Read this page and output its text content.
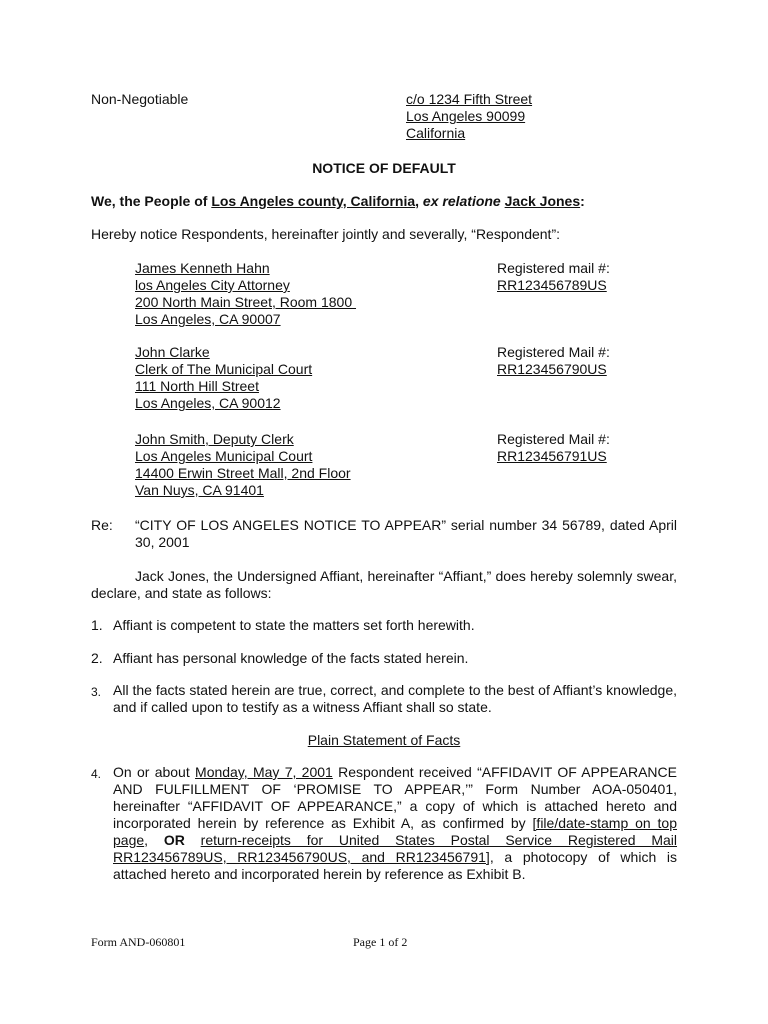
Non-Negotiable	c/o 1234 Fifth Street
Los Angeles 90099
California
NOTICE OF DEFAULT
We, the People of Los Angeles county, California, ex relatione Jack Jones:
Hereby notice Respondents, hereinafter jointly and severally, “Respondent”:
James Kenneth Hahn
los Angeles City Attorney
200 North Main Street, Room 1800
Los Angeles, CA 90007
Registered mail #:
RR123456789US
John Clarke
Clerk of The Municipal Court
111 North Hill Street
Los Angeles, CA 90012
Registered Mail #:
RR123456790US
John Smith, Deputy Clerk
Los Angeles Municipal Court
14400 Erwin Street Mall, 2nd Floor
Van Nuys, CA 91401
Registered Mail #:
RR123456791US
Re: “CITY OF LOS ANGELES NOTICE TO APPEAR” serial number 34 56789, dated April 30, 2001
Jack Jones, the Undersigned Affiant, hereinafter “Affiant,” does hereby solemnly swear, declare, and state as follows:
1. Affiant is competent to state the matters set forth herewith.
2. Affiant has personal knowledge of the facts stated herein.
3. All the facts stated herein are true, correct, and complete to the best of Affiant’s knowledge, and if called upon to testify as a witness Affiant shall so state.
Plain Statement of Facts
4. On or about Monday, May 7, 2001 Respondent received “AFFIDAVIT OF APPEARANCE AND FULFILLMENT OF ‘PROMISE TO APPEAR,’” Form Number AOA-050401, hereinafter “AFFIDAVIT OF APPEARANCE,” a copy of which is attached hereto and incorporated herein by reference as Exhibit A, as confirmed by [file/date-stamp on top page, OR return-receipts for United States Postal Service Registered Mail RR123456789US, RR123456790US, and RR123456791], a photocopy of which is attached hereto and incorporated herein by reference as Exhibit B.
Form AND-060801	Page 1 of 2
